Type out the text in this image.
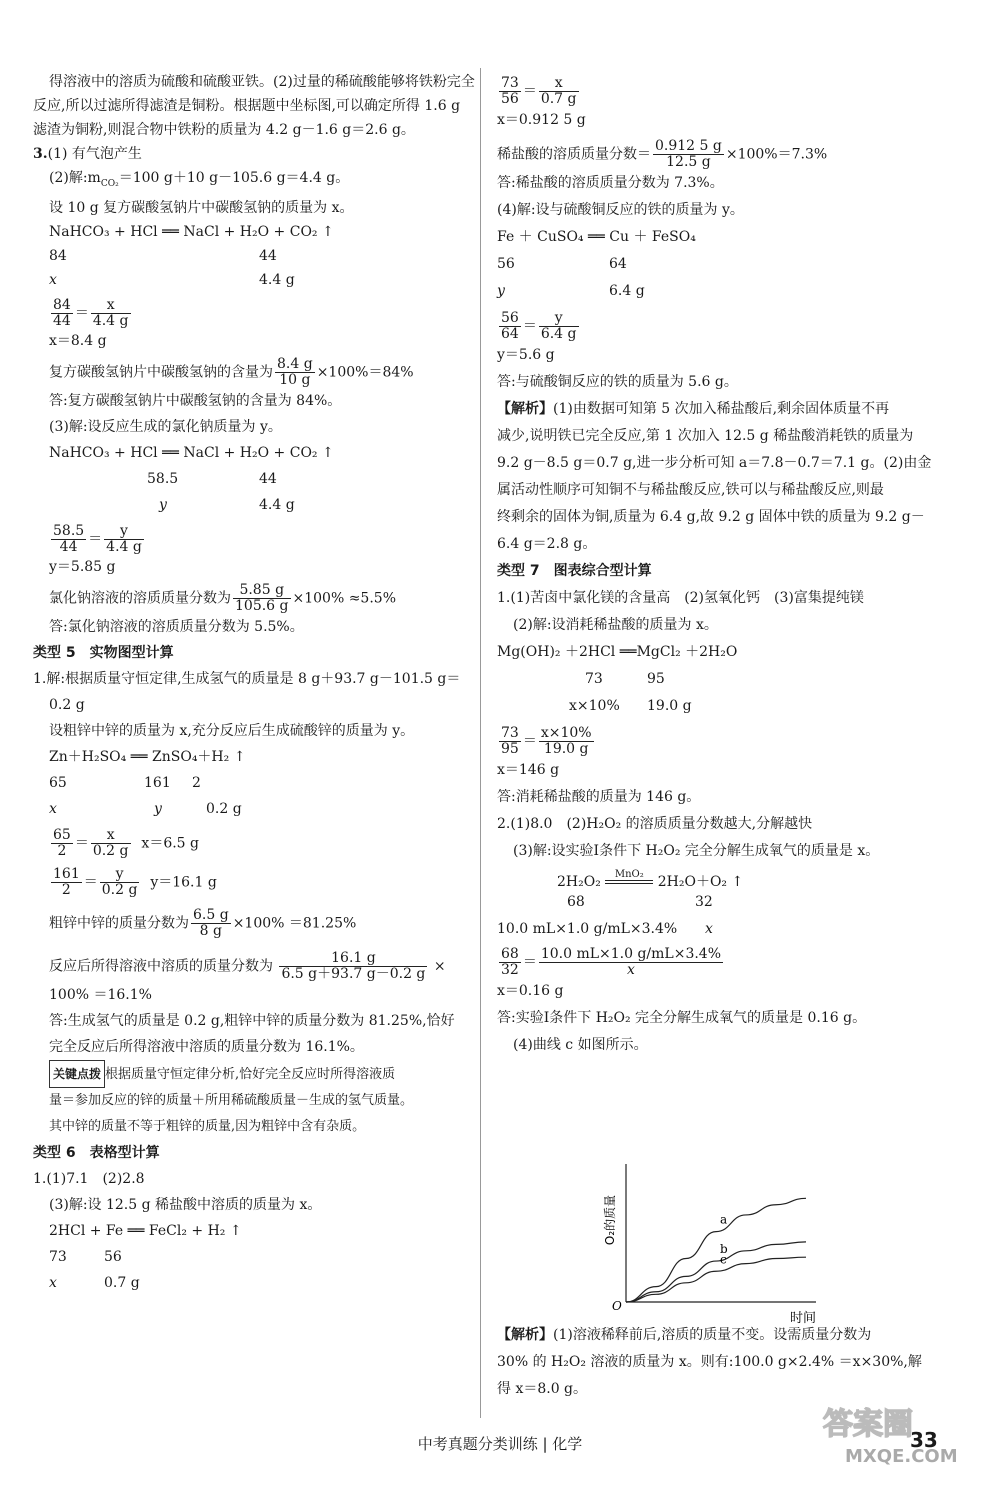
得溶液中的溶质为硫酸和硫酸亚铁。(2)过量的稀硫酸能够将铁粉完全
反应,所以过滤所得滤渣是铜粉。根据题中坐标图,可以确定所得 1.6 g
滤渣为铜粉,则混合物中铁粉的质量为 4.2 g－1.6 g＝2.6 g。
3.(1) 有气泡产生
(2)解$:m_{CO_2}=100$ g＋10 g－105.6 g＝4.4 g。
设 10 g 复方碳酸氢钠片中碳酸氢钠的质量为 x。
NaHCO₃ + HCl ══ NaCl + H₂O + CO₂ ↑
84	44
x	4.4 g
$\frac{84}{44} = \frac{x}{4.4 g}$
x＝8.4 g
复方碳酸氢钠片中碳酸氢钠的含量为 $\frac{8.4 g}{10 g} \times 100\%=84\%$
答:复方碳酸氢钠片中碳酸氢钠的含量为 84%。
(3)解:设反应生成的氯化钠质量为 y。
NaHCO₃ + HCl ══ NaCl + H₂O + CO₂ ↑
58.5	44
y	4.4 g
$\frac{58.5}{44} = \frac{y}{4.4 g}$
y＝5.85 g
氯化钠溶液的溶质质量分数为 $\frac{5.85 g}{105.6 g} \times 100\% \approx 5.5\%$
答:氯化钠溶液的溶质质量分数为 5.5%。
类型 5　实物图型计算
1.解:根据质量守恒定律,生成氢气的质量是 8 g＋93.7 g－101.5 g＝
0.2 g
设粗锌中锌的质量为 x,充分反应后生成硫酸锌的质量为 y。
Zn＋H₂SO₄ ══ ZnSO₄＋H₂ ↑
65	161 2
x	y	0.2 g
$\frac{65}{2} = \frac{x}{0.2 g} x=6.5$ g
$\frac{161}{2} = \frac{y}{0.2 g} y=16.1$ g
粗锌中锌的质量分数为 $\frac{6.5 g}{8 g} \times 100\% =81.25\%$
反应后所得溶液中溶质的质量分数为 $\frac{16.1 g}{6.5 g+93.7 g-0.2 g}$ ×
100% ＝16.1%
答:生成氢气的质量是 0.2 g,粗锌中锌的质量分数为 81.25%,恰好
完全反应后所得溶液中溶质的质量分数为 16.1%。
关键点拨 根据质量守恒定律分析,恰好完全反应时所得溶液质
量＝参加反应的锌的质量＋所用稀硫酸质量－生成的氢气质量。
其中锌的质量不等于粗锌的质量,因为粗锌中含有杂质。
类型 6　表格型计算
1.(1)7.1　(2)2.8
(3)解:设 12.5 g 稀盐酸中溶质的质量为 x。
2HCl + Fe ══ FeCl₂ + H₂ ↑
73	56
x	0.7 g
$\frac{73}{56} = \frac{x}{0.7 g}$
x＝0.912 5 g
稀盐酸的溶质质量分数＝ $\frac{0.912 5 g}{12.5 g} \times 100\%=7.3\%$
答:稀盐酸的溶质质量分数为 7.3%。
(4)解:设与硫酸铜反应的铁的质量为 y。
Fe ＋ CuSO₄ ══ Cu ＋ FeSO₄
56	64
y	6.4 g
$\frac{56}{64} = \frac{y}{6.4 g}$
y＝5.6 g
答:与硫酸铜反应的铁的质量为 5.6 g。
【解析】(1)由数据可知第 5 次加入稀盐酸后,剩余固体质量不再
减少,说明铁已完全反应,第 1 次加入 12.5 g 稀盐酸消耗铁的质量为
9.2 g－8.5 g＝0.7 g,进一步分析可知 a＝7.8－0.7＝7.1 g。(2)由金
属活动性顺序可知铜不与稀盐酸反应,铁可以与稀盐酸反应,则最
终剩余的固体为铜,质量为 6.4 g,故 9.2 g 固体中铁的质量为 9.2 g－
6.4 g＝2.8 g。
类型 7　图表综合型计算
1.(1)苦卤中氯化镁的含量高　(2)氢氧化钙　(3)富集提纯镁
(2)解:设消耗稀盐酸的质量为 x。
Mg(OH)₂ ＋2HCl ══MgCl₂ ＋2H₂O
73	95
x×10% 19.0 g
$\frac{73}{95} = \frac{x\times 10\%}{19.0 g}$
x＝146 g
答:消耗稀盐酸的质量为 146 g。
2.(1)8.0　(2)H₂O₂ 的溶质质量分数越大,分解越快
(3)解:设实验Ⅰ条件下 H₂O₂ 完全分解生成氧气的质量是 x。
2H₂O₂	MnO₂	2H₂O＋O₂ ↑
68	32
10.0 mL×1.0 g/mL×3.4% x
$\frac{68}{32} = \frac{10.0 mL\times 1.0 g/mL\times 3.4\%}{x}$
x＝0.16 g
答:实验Ⅰ条件下 H₂O₂ 完全分解生成氧气的质量是 0.16 g。
(4)曲线 c 如图所示。
【解析】(1)溶液稀释前后,溶质的质量不变。设需质量分数为
30% 的 H₂O₂ 溶液的质量为 x。则有:100.0 g×2.4% ＝x×30%,解
得 x＝8.0 g。
a
b
c
O₂的质量
时间
O
中考真题分类训练 | 化学	33
答案圈
MXQE.COM
